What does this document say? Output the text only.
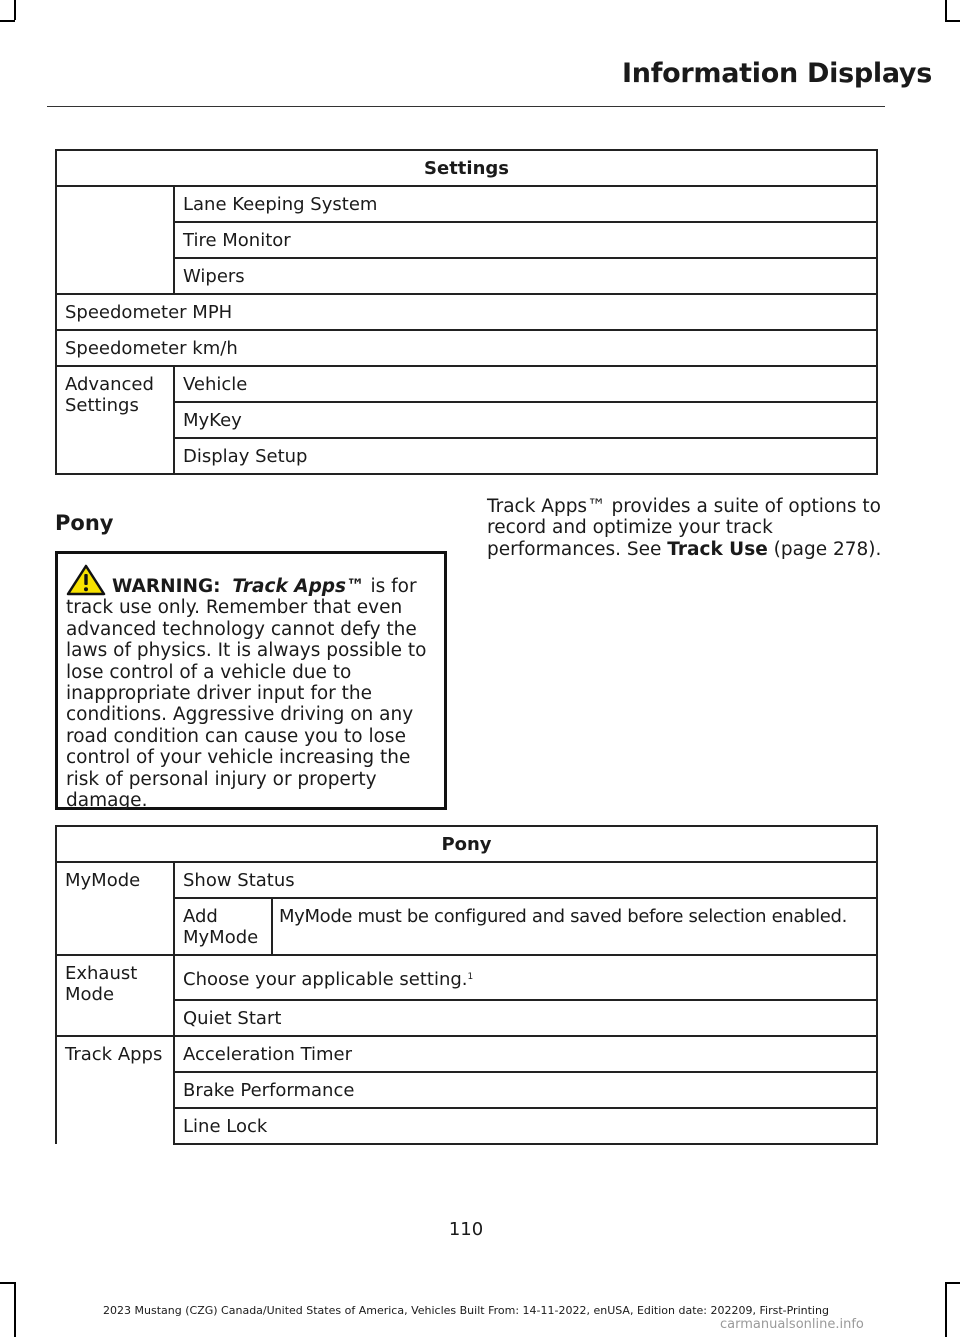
Information Displays
Settings	
	Lane Keeping System
	Tire Monitor
	Wipers
Speedometer MPH	
Speedometer km/h	
Advanced Settings	Vehicle
	MyKey
	Display Setup
Pony
WARNING: Track Apps™ is for track use only. Remember that even advanced technology cannot defy the laws of physics. It is always possible to lose control of a vehicle due to inappropriate driver input for the conditions. Aggressive driving on any road condition can cause you to lose control of your vehicle increasing the risk of personal injury or property damage.
Track Apps™ provides a suite of options to record and optimize your track performances. See Track Use (page 278).
Pony		
MyMode	Show Status	
	Add MyMode	MyMode must be configured and saved before selection enabled.
Exhaust Mode	Choose your applicable setting.$^1$
	Quiet Start	
Track Apps	Acceleration Timer	
	Brake Performance	
	Line Lock	
110
2023 Mustang (CZG) Canada/United States of America, Vehicles Built From: 14-11-2022, enUSA, Edition date: 202209, First-Printing
carmanualsonline.info
